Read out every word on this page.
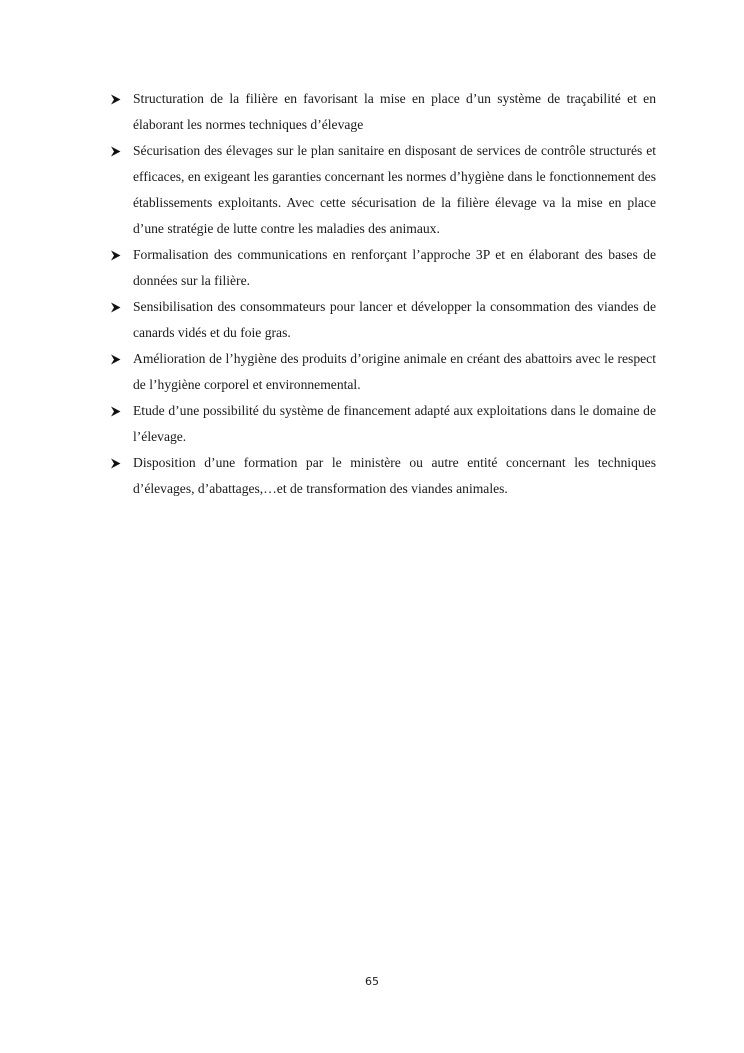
Structuration de la filière en favorisant la mise en place d’un système de traçabilité et en élaborant les normes techniques d’élevage
Sécurisation des élevages sur le plan sanitaire en disposant de services de contrôle structurés et efficaces, en exigeant les garanties concernant les normes d’hygiène dans le fonctionnement des établissements exploitants. Avec cette sécurisation de la filière élevage va la mise en place d’une stratégie de lutte contre les maladies des animaux.
Formalisation des communications en renforçant l’approche 3P et en élaborant des bases de données sur la filière.
Sensibilisation des consommateurs pour lancer et développer la consommation des viandes de canards vidés et du foie gras.
Amélioration de l’hygiène des produits d’origine animale en créant des abattoirs avec le respect de l’hygiène corporel et environnemental.
Etude d’une possibilité du système de financement adapté aux exploitations dans le domaine de l’élevage.
Disposition d’une formation par le ministère ou autre entité concernant les techniques d’élevages, d’abattages,…et de transformation des viandes animales.
65
